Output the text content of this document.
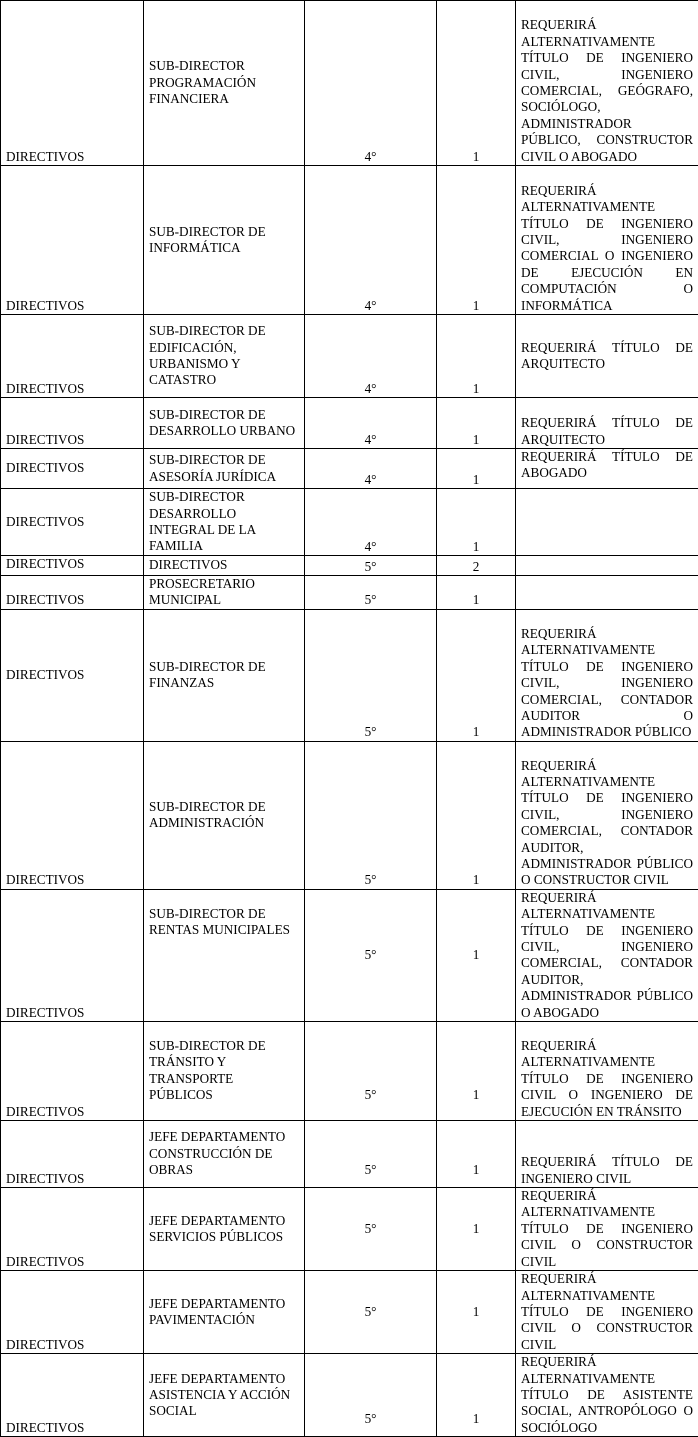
DIRECTIVOS	SUB-DIRECTOR PROGRAMACIÓN FINANCIERA	4°	1	REQUERIRÁ ALTERNATIVAMENTE TÍTULO DE INGENIERO CIVIL, INGENIERO COMERCIAL, GEÓGRAFO, SOCIÓLOGO, ADMINISTRADOR PÚBLICO, CONSTRUCTOR CIVIL O ABOGADO

DIRECTIVOS	SUB-DIRECTOR DE INFORMÁTICA	4°	1	REQUERIRÁ ALTERNATIVAMENTE TÍTULO DE INGENIERO CIVIL, INGENIERO COMERCIAL O INGENIERO DE EJECUCIÓN EN COMPUTACIÓN O INFORMÁTICA

DIRECTIVOS	SUB-DIRECTOR DE EDIFICACIÓN, URBANISMO Y CATASTRO	4°	1	REQUERIRÁ TÍTULO DE ARQUITECTO

DIRECTIVOS	SUB-DIRECTOR DE DESARROLLO URBANO	4°	1	REQUERIRÁ TÍTULO DE ARQUITECTO

DIRECTIVOS	SUB-DIRECTOR DE ASESORÍA JURÍDICA	4°	1	REQUERIRÁ TÍTULO DE ABOGADO

DIRECTIVOS	SUB-DIRECTOR DESARROLLO INTEGRAL DE LA FAMILIA	4°	1	

DIRECTIVOS	DIRECTIVOS	5°	2	

DIRECTIVOS	PROSECRETARIO MUNICIPAL	5°	1	

DIRECTIVOS	SUB-DIRECTOR DE FINANZAS	5°	1	REQUERIRÁ ALTERNATIVAMENTE TÍTULO DE INGENIERO CIVIL, INGENIERO COMERCIAL, CONTADOR AUDITOR O ADMINISTRADOR PÚBLICO

DIRECTIVOS	SUB-DIRECTOR DE ADMINISTRACIÓN	5°	1	REQUERIRÁ ALTERNATIVAMENTE TÍTULO DE INGENIERO CIVIL, INGENIERO COMERCIAL, CONTADOR AUDITOR, ADMINISTRADOR PÚBLICO O CONSTRUCTOR CIVIL

DIRECTIVOS	SUB-DIRECTOR DE RENTAS MUNICIPALES	5°	1	REQUERIRÁ ALTERNATIVAMENTE TÍTULO DE INGENIERO CIVIL, INGENIERO COMERCIAL, CONTADOR AUDITOR, ADMINISTRADOR PÚBLICO O ABOGADO

DIRECTIVOS	SUB-DIRECTOR DE TRÁNSITO Y TRANSPORTE PÚBLICOS	5°	1	REQUERIRÁ ALTERNATIVAMENTE TÍTULO DE INGENIERO CIVIL O INGENIERO DE EJECUCIÓN EN TRÁNSITO

DIRECTIVOS	JEFE DEPARTAMENTO CONSTRUCCIÓN DE OBRAS	5°	1	REQUERIRÁ TÍTULO DE INGENIERO CIVIL

DIRECTIVOS	JEFE DEPARTAMENTO SERVICIOS PÚBLICOS	5°	1	REQUERIRÁ ALTERNATIVAMENTE TÍTULO DE INGENIERO CIVIL O CONSTRUCTOR CIVIL

DIRECTIVOS	JEFE DEPARTAMENTO PAVIMENTACIÓN	5°	1	REQUERIRÁ ALTERNATIVAMENTE TÍTULO DE INGENIERO CIVIL O CONSTRUCTOR CIVIL

DIRECTIVOS	JEFE DEPARTAMENTO ASISTENCIA Y ACCIÓN SOCIAL	5°	1	REQUERIRÁ ALTERNATIVAMENTE TÍTULO DE ASISTENTE SOCIAL, ANTROPÓLOGO O SOCIÓLOGO
